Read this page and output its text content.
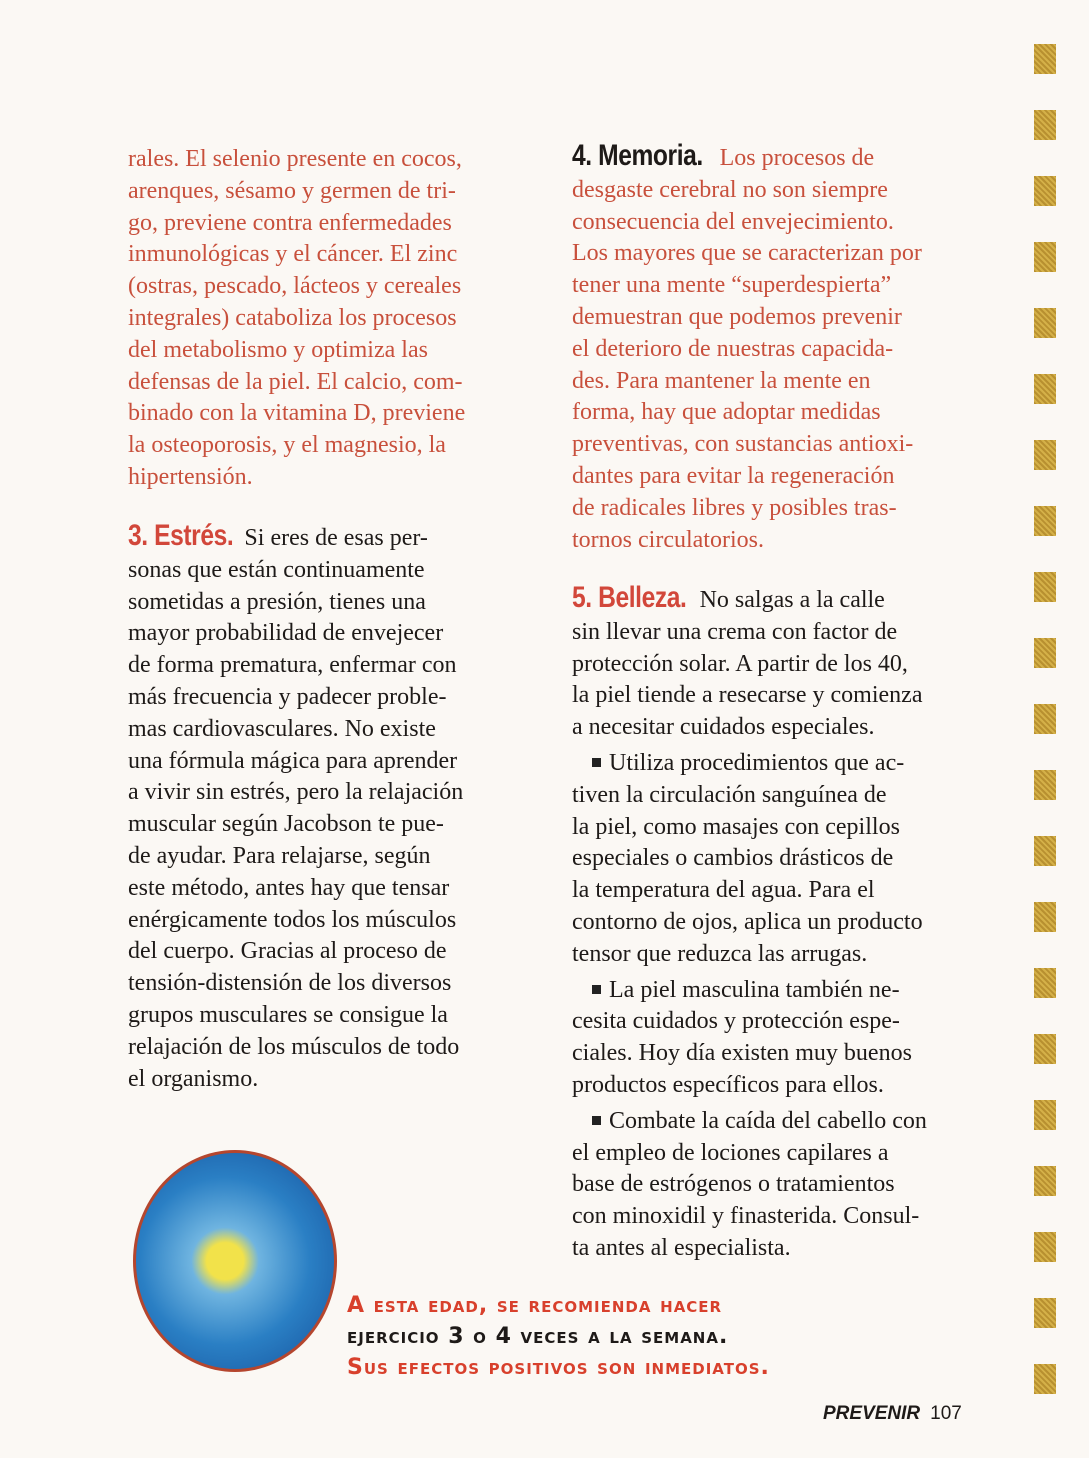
rales. El selenio presente en cocos,
arenques, sésamo y germen de tri-
go, previene contra enfermedades
inmunológicas y el cáncer. El zinc
(ostras, pescado, lácteos y cereales
integrales) cataboliza los procesos
del metabolismo y optimiza las
defensas de la piel. El calcio, com-
binado con la vitamina D, previene
la osteoporosis, y el magnesio, la
hipertensión.
3. Estrés. Si eres de esas per-
sonas que están continuamente
sometidas a presión, tienes una
mayor probabilidad de envejecer
de forma prematura, enfermar con
más frecuencia y padecer proble-
mas cardiovasculares. No existe
una fórmula mágica para aprender
a vivir sin estrés, pero la relajación
muscular según Jacobson te pue-
de ayudar. Para relajarse, según
este método, antes hay que tensar
enérgicamente todos los músculos
del cuerpo. Gracias al proceso de
tensión-distensión de los diversos
grupos musculares se consigue la
relajación de los músculos de todo
el organismo.
4. Memoria. Los procesos de
desgaste cerebral no son siempre
consecuencia del envejecimiento.
Los mayores que se caracterizan por
tener una mente “superdespierta”
demuestran que podemos prevenir
el deterioro de nuestras capacida-
des. Para mantener la mente en
forma, hay que adoptar medidas
preventivas, con sustancias antioxi-
dantes para evitar la regeneración
de radicales libres y posibles tras-
tornos circulatorios.
5. Belleza. No salgas a la calle
sin llevar una crema con factor de
protección solar. A partir de los 40,
la piel tiende a resecarse y comienza
a necesitar cuidados especiales.
Utiliza procedimientos que ac-
tiven la circulación sanguínea de
la piel, como masajes con cepillos
especiales o cambios drásticos de
la temperatura del agua. Para el
contorno de ojos, aplica un producto
tensor que reduzca las arrugas.
La piel masculina también ne-
cesita cuidados y protección espe-
ciales. Hoy día existen muy buenos
productos específicos para ellos.
Combate la caída del cabello con
el empleo de lociones capilares a
base de estrógenos o tratamientos
con minoxidil y finasterida. Consul-
ta antes al especialista.
A esta edad, se recomienda hacer
ejercicio 3 o 4 veces a la semana.
Sus efectos positivos son inmediatos.
PREVENIR 107
